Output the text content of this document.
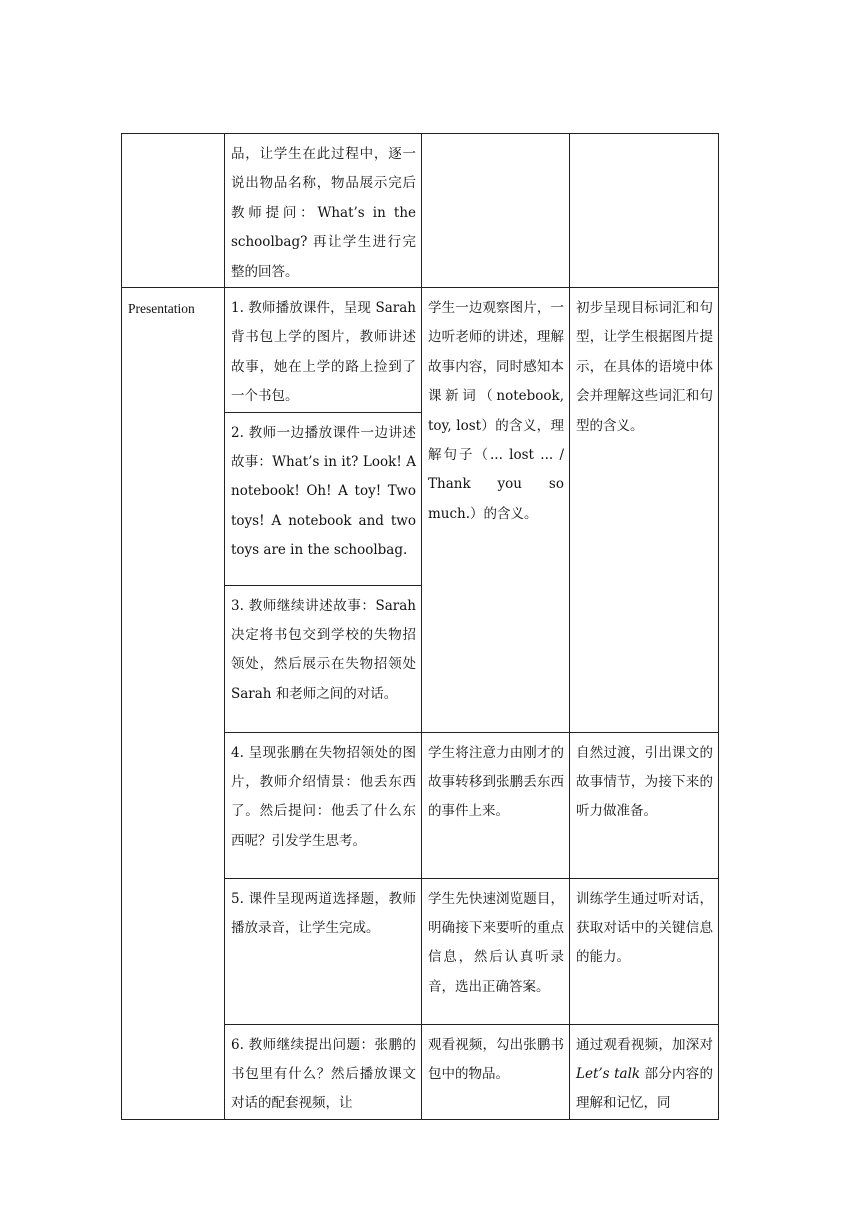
	品，让学生在此过程中，逐一说出物品名称，物品展示完后教师提问：What’s in the schoolbag? 再让学生进行完整的回答。		
Presentation	1. 教师播放课件，呈现 Sarah 背书包上学的图片，教师讲述故事，她在上学的路上捡到了一个书包。	学生一边观察图片，一边听老师的讲述，理解故事内容，同时感知本课新词（notebook, toy, lost）的含义，理解句子（... lost ... / Thank you so much.）的含义。	初步呈现目标词汇和句型，让学生根据图片提示，在具体的语境中体会并理解这些词汇和句型的含义。
	2. 教师一边播放课件一边讲述故事：What’s in it? Look! A notebook! Oh! A toy! Two toys! A notebook and two toys are in the schoolbag.		
	3. 教师继续讲述故事：Sarah 决定将书包交到学校的失物招领处，然后展示在失物招领处 Sarah 和老师之间的对话。		
	4. 呈现张鹏在失物招领处的图片，教师介绍情景：他丢东西了。然后提问：他丢了什么东西呢？引发学生思考。	学生将注意力由刚才的故事转移到张鹏丢东西的事件上来。	自然过渡，引出课文的故事情节，为接下来的听力做准备。
	5. 课件呈现两道选择题，教师播放录音，让学生完成。	学生先快速浏览题目，明确接下来要听的重点信息，然后认真听录音，选出正确答案。	训练学生通过听对话，获取对话中的关键信息的能力。
	6. 教师继续提出问题：张鹏的书包里有什么？然后播放课文对话的配套视频，让	观看视频，勾出张鹏书包中的物品。	通过观看视频，加深对 Let’s talk 部分内容的理解和记忆，同
